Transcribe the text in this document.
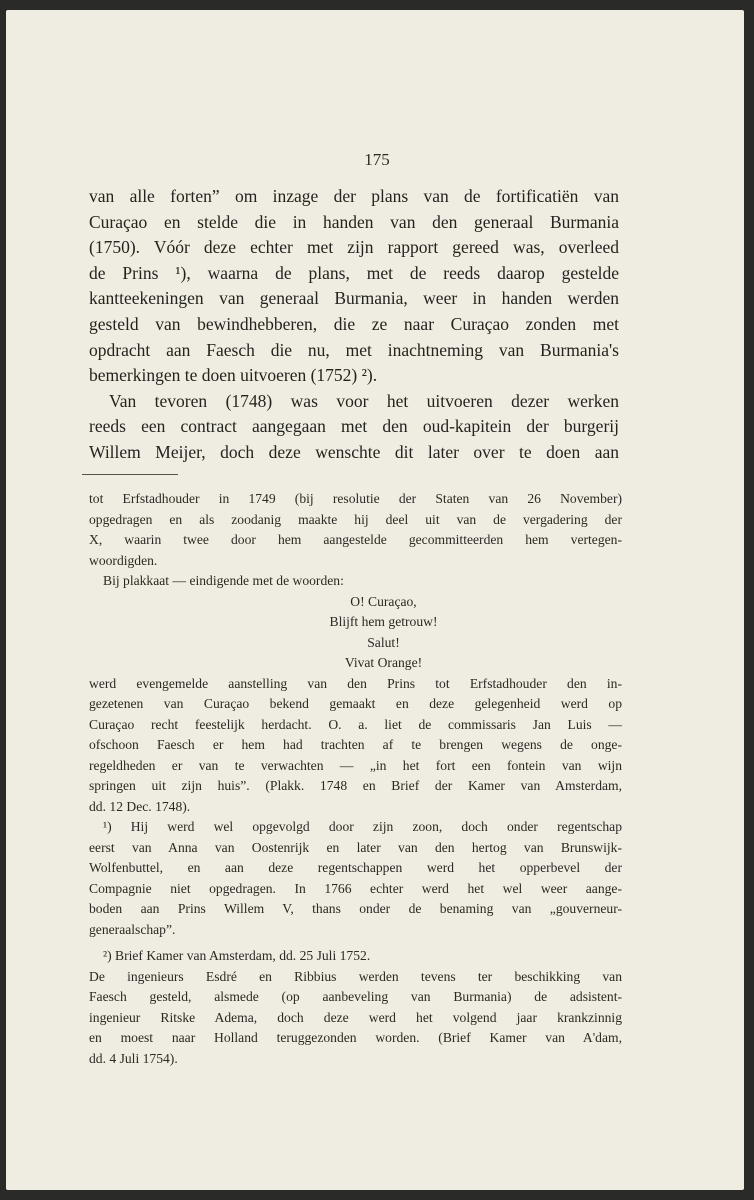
175
van alle forten” om inzage der plans van de fortificatiën van
Curaçao en stelde die in handen van den generaal Burmania
(1750). Vóór deze echter met zijn rapport gereed was, overleed
de Prins ¹), waarna de plans, met de reeds daarop gestelde
kantteekeningen van generaal Burmania, weer in handen werden
gesteld van bewindhebberen, die ze naar Curaçao zonden met
opdracht aan Faesch die nu, met inachtneming van Burmania's
bemerkingen te doen uitvoeren (1752) ²).
Van tevoren (1748) was voor het uitvoeren dezer werken
reeds een contract aangegaan met den oud-kapitein der burgerij
Willem Meijer, doch deze wenschte dit later over te doen aan
tot Erfstadhouder in 1749 (bij resolutie der Staten van 26 November)
opgedragen en als zoodanig maakte hij deel uit van de vergadering der
X, waarin twee door hem aangestelde gecommitteerden hem vertegen-
woordigden.
Bij plakkaat — eindigende met de woorden:
O! Curaçao,
Blijft hem getrouw!
Salut!
Vivat Orange!
werd evengemelde aanstelling van den Prins tot Erfstadhouder den in-
gezetenen van Curaçao bekend gemaakt en deze gelegenheid werd op
Curaçao recht feestelijk herdacht. O. a. liet de commissaris Jan Luis —
ofschoon Faesch er hem had trachten af te brengen wegens de onge-
regeldheden er van te verwachten — „in het fort een fontein van wijn
springen uit zijn huis”. (Plakk. 1748 en Brief der Kamer van Amsterdam,
dd. 12 Dec. 1748).
¹) Hij werd wel opgevolgd door zijn zoon, doch onder regentschap
eerst van Anna van Oostenrijk en later van den hertog van Brunswijk-
Wolfenbuttel, en aan deze regentschappen werd het opperbevel der
Compagnie niet opgedragen. In 1766 echter werd het wel weer aange-
boden aan Prins Willem V, thans onder de benaming van „gouverneur-
generaalschap”.
²) Brief Kamer van Amsterdam, dd. 25 Juli 1752.
De ingenieurs Esdré en Ribbius werden tevens ter beschikking van
Faesch gesteld, alsmede (op aanbeveling van Burmania) de adsistent-
ingenieur Ritske Adema, doch deze werd het volgend jaar krankzinnig
en moest naar Holland teruggezonden worden. (Brief Kamer van A'dam,
dd. 4 Juli 1754).
